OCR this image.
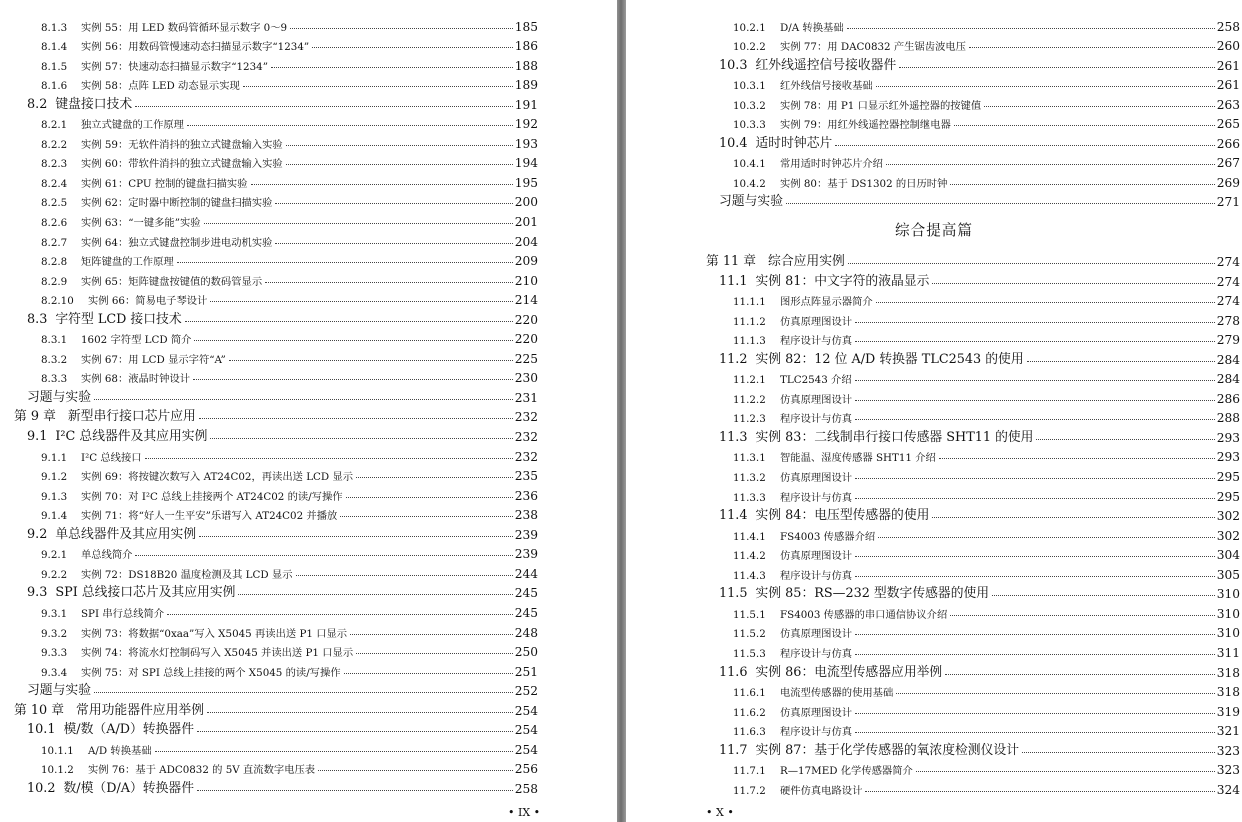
8.1.3 实例 55：用 LED 数码管循环显示数字 0～9	185
8.1.4 实例 56：用数码管慢速动态扫描显示数字“1234”	186
8.1.5 实例 57：快速动态扫描显示数字“1234”	188
8.1.6 实例 58：点阵 LED 动态显示实现	189
8.2 键盘接口技术	191
8.2.1 独立式键盘的工作原理	192
8.2.2 实例 59：无软件消抖的独立式键盘输入实验	193
8.2.3 实例 60：带软件消抖的独立式键盘输入实验	194
8.2.4 实例 61：CPU 控制的键盘扫描实验	195
8.2.5 实例 62：定时器中断控制的键盘扫描实验	200
8.2.6 实例 63：“一键多能”实验	201
8.2.7 实例 64：独立式键盘控制步进电动机实验	204
8.2.8 矩阵键盘的工作原理	209
8.2.9 实例 65：矩阵键盘按键值的数码管显示	210
8.2.10 实例 66：简易电子琴设计	214
8.3 字符型 LCD 接口技术	220
8.3.1 1602 字符型 LCD 简介	220
8.3.2 实例 67：用 LCD 显示字符“A”	225
8.3.3 实例 68：液晶时钟设计	230
习题与实验	231
第 9 章 新型串行接口芯片应用	232
9.1 I²C 总线器件及其应用实例	232
9.1.1 I²C 总线接口	232
9.1.2 实例 69：将按键次数写入 AT24C02，再读出送 LCD 显示	235
9.1.3 实例 70：对 I²C 总线上挂接两个 AT24C02 的读/写操作	236
9.1.4 实例 71：将“好人一生平安”乐谱写入 AT24C02 并播放	238
9.2 单总线器件及其应用实例	239
9.2.1 单总线简介	239
9.2.2 实例 72：DS18B20 温度检测及其 LCD 显示	244
9.3 SPI 总线接口芯片及其应用实例	245
9.3.1 SPI 串行总线简介	245
9.3.2 实例 73：将数据“0xaa”写入 X5045 再读出送 P1 口显示	248
9.3.3 实例 74：将流水灯控制码写入 X5045 并读出送 P1 口显示	250
9.3.4 实例 75：对 SPI 总线上挂接的两个 X5045 的读/写操作	251
习题与实验	252
第 10 章 常用功能器件应用举例	254
10.1 模/数（A/D）转换器件	254
10.1.1 A/D 转换基础	254
10.1.2 实例 76：基于 ADC0832 的 5V 直流数字电压表	256
10.2 数/模（D/A）转换器件	258
• IX •
10.2.1 D/A 转换基础	258
10.2.2 实例 77：用 DAC0832 产生锯齿波电压	260
10.3 红外线遥控信号接收器件	261
10.3.1 红外线信号接收基础	261
10.3.2 实例 78：用 P1 口显示红外遥控器的按键值	263
10.3.3 实例 79：用红外线遥控器控制继电器	265
10.4 适时时钟芯片	266
10.4.1 常用适时时钟芯片介绍	267
10.4.2 实例 80：基于 DS1302 的日历时钟	269
习题与实验	271
第 11 章 综合应用实例	274
11.1 实例 81：中文字符的液晶显示	274
11.1.1 图形点阵显示器简介	274
11.1.2 仿真原理图设计	278
11.1.3 程序设计与仿真	279
11.2 实例 82：12 位 A/D 转换器 TLC2543 的使用	284
11.2.1 TLC2543 介绍	284
11.2.2 仿真原理图设计	286
11.2.3 程序设计与仿真	288
11.3 实例 83：二线制串行接口传感器 SHT11 的使用	293
11.3.1 智能温、湿度传感器 SHT11 介绍	293
11.3.2 仿真原理图设计	295
11.3.3 程序设计与仿真	295
11.4 实例 84：电压型传感器的使用	302
11.4.1 FS4003 传感器介绍	302
11.4.2 仿真原理图设计	304
11.4.3 程序设计与仿真	305
11.5 实例 85：RS—232 型数字传感器的使用	310
11.5.1 FS4003 传感器的串口通信协议介绍	310
11.5.2 仿真原理图设计	310
11.5.3 程序设计与仿真	311
11.6 实例 86：电流型传感器应用举例	318
11.6.1 电流型传感器的使用基础	318
11.6.2 仿真原理图设计	319
11.6.3 程序设计与仿真	321
11.7 实例 87：基于化学传感器的氧浓度检测仪设计	323
11.7.1 R—17MED 化学传感器简介	323
11.7.2 硬件仿真电路设计	324
综合提高篇
• X •
